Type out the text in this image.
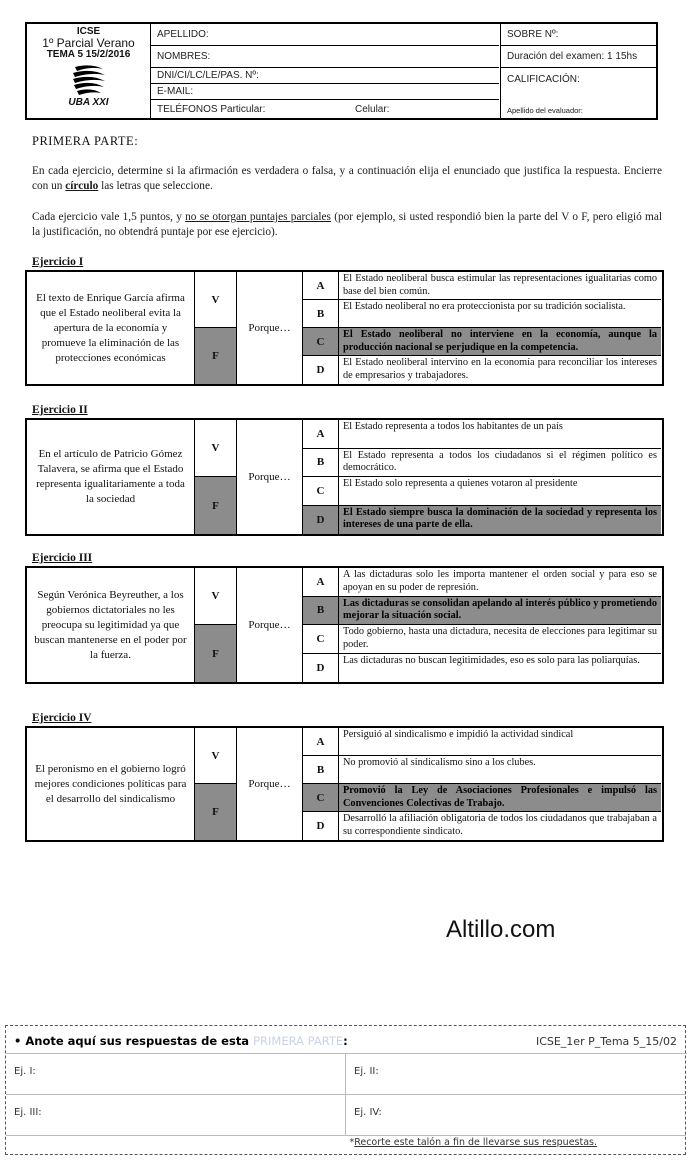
ICSE
1º Parcial Verano
TEMA 5 15/2/2016
UBA XXI
APELLIDO:
NOMBRES:
DNI/CI/LC/LE/PAS. Nº:
E-MAIL:
TELÉFONOS Particular:	Celular:
SOBRE Nº:
Duración del examen: 1 15hs
CALIFICACIÓN:
Apellido del evaluador:
PRIMERA PARTE:

En cada ejercicio, determine si la afirmación es verdadera o falsa, y a continuación elija el enunciado que justifica la respuesta. Encierre con un círculo las letras que seleccione.

Cada ejercicio vale 1,5 puntos, y no se otorgan puntajes parciales (por ejemplo, si usted respondió bien la parte del V o F, pero eligió mal la justificación, no obtendrá puntaje por ese ejercicio).

Ejercicio I
El texto de Enrique García afirma que el Estado neoliberal evita la apertura de la economía y promueve la eliminación de las protecciones económicas
V
F
Porque…
A
El Estado neoliberal busca estimular las representaciones igualitarias como base del bien común.
B
El Estado neoliberal no era proteccionista por su tradición socialista.
C
El Estado neoliberal no interviene en la economía, aunque la producción nacional se perjudique en la competencia.
D
El Estado neoliberal intervino en la economía para reconciliar los intereses de empresarios y trabajadores.
Ejercicio II
En el artículo de Patricio Gómez Talavera, se afirma que el Estado representa igualitariamente a toda la sociedad
V
F
Porque…
A
El Estado representa a todos los habitantes de un país
B
El Estado representa a todos los ciudadanos si el régimen político es democrático.
C
El Estado solo representa a quienes votaron al presidente
D
El Estado siempre busca la dominación de la sociedad y representa los intereses de una parte de ella.
Ejercicio III
Según Verónica Beyreuther, a los gobiernos dictatoriales no les preocupa su legitimidad ya que buscan mantenerse en el poder por la fuerza.
V
F
Porque…
A
A las dictaduras solo les importa mantener el orden social y para eso se apoyan en su poder de represión.
B
Las dictaduras se consolidan apelando al interés público y prometiendo mejorar la situación social.
C
Todo gobierno, hasta una dictadura, necesita de elecciones para legitimar su poder.
D
Las dictaduras no buscan legitimidades, eso es solo para las poliarquías.
Ejercicio IV
El peronismo en el gobierno logró mejores condiciones políticas para el desarrollo del sindicalismo
V
F
Porque…
A
Persiguió al sindicalismo e impidió la actividad sindical
B
No promovió al sindicalismo sino a los clubes.
C
Promovió la Ley de Asociaciones Profesionales e impulsó las Convenciones Colectivas de Trabajo.
D
Desarrolló la afiliación obligatoria de todos los ciudadanos que trabajaban a su correspondiente sindicato.
Altillo.com
• Anote aquí sus respuestas de esta PRIMERA PARTE:	ICSE_1er P_Tema 5_15/02
Ej. I:	Ej. II:
Ej. III:	Ej. IV:
*Recorte este talón a fin de llevarse sus respuestas.
